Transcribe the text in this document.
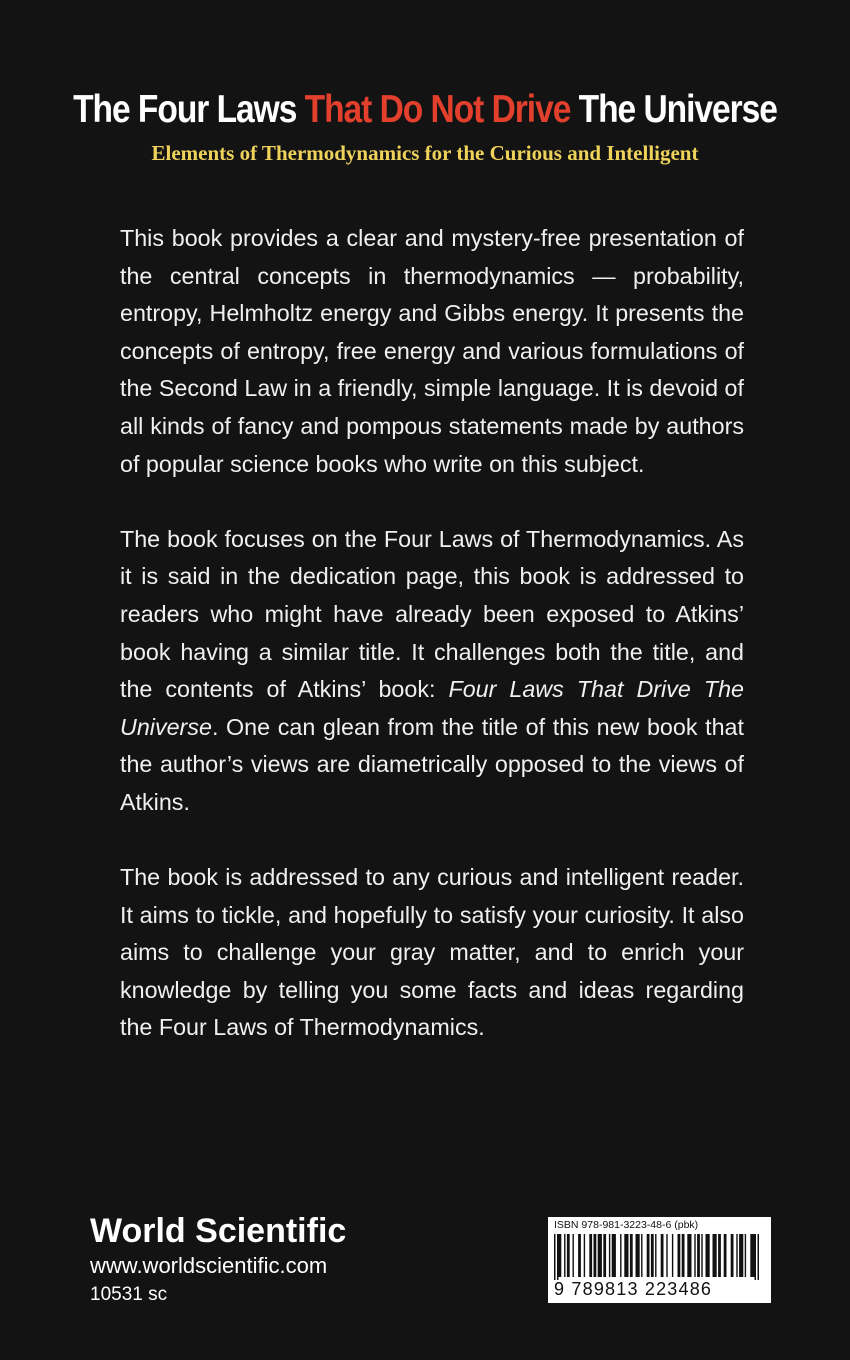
The Four Laws That Do Not Drive The Universe
Elements of Thermodynamics for the Curious and Intelligent

This book provides a clear and mystery-free presentation of the central concepts in thermodynamics — probability, entropy, Helmholtz energy and Gibbs energy. It presents the concepts of entropy, free energy and various formulations of the Second Law in a friendly, simple language. It is devoid of all kinds of fancy and pompous statements made by authors of popular science books who write on this subject.

The book focuses on the Four Laws of Thermodynamics. As it is said in the dedication page, this book is addressed to readers who might have already been exposed to Atkins’ book having a similar title. It challenges both the title, and the contents of Atkins’ book: Four Laws That Drive The Universe. One can glean from the title of this new book that the author’s views are diametrically opposed to the views of Atkins.

The book is addressed to any curious and intelligent reader. It aims to tickle, and hopefully to satisfy your curiosity. It also aims to challenge your gray matter, and to enrich your knowledge by telling you some facts and ideas regarding the Four Laws of Thermodynamics.

World Scientific
www.worldscientific.com
10531 sc
ISBN 978-981-3223-48-6 (pbk)
9 789813 223486
